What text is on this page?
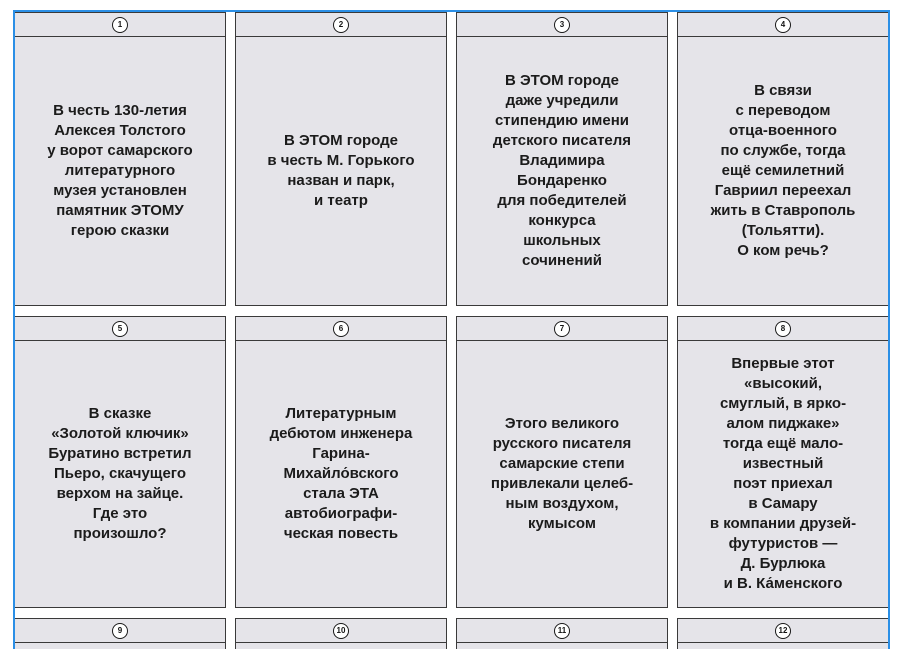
1
В честь 130-летия
Алексея Толстого
у ворот самарского
литературного
музея установлен
памятник ЭТОМУ
герою сказки
2
В ЭТОМ городе
в честь М. Горького
назван и парк,
и театр
3
В ЭТОМ городе
даже учредили
стипендию имени
детского писателя
Владимира
Бондаренко
для победителей
конкурса
школьных
сочинений
4
В связи
с переводом
отца-военного
по службе, тогда
ещё семилетний
Гавриил переехал
жить в Ставрополь
(Тольятти).
О ком речь?
5
В сказке
«Золотой ключик»
Буратино встретил
Пьеро, скачущего
верхом на зайце.
Где это
произошло?
6
Литературным
дебютом инженера
Гарина-
Михайло́вского
стала ЭТА
автобиографи-
ческая повесть
7
Этого великого
русского писателя
самарские степи
привлекали целеб-
ным воздухом,
кумысом
8
Впервые этот
«высокий,
смуглый, в ярко-
алом пиджаке»
тогда ещё мало-
известный
поэт приехал
в Самару
в компании друзей-
футуристов —
Д. Бурлюка
и В. Ка́менского
9	10	11	12
